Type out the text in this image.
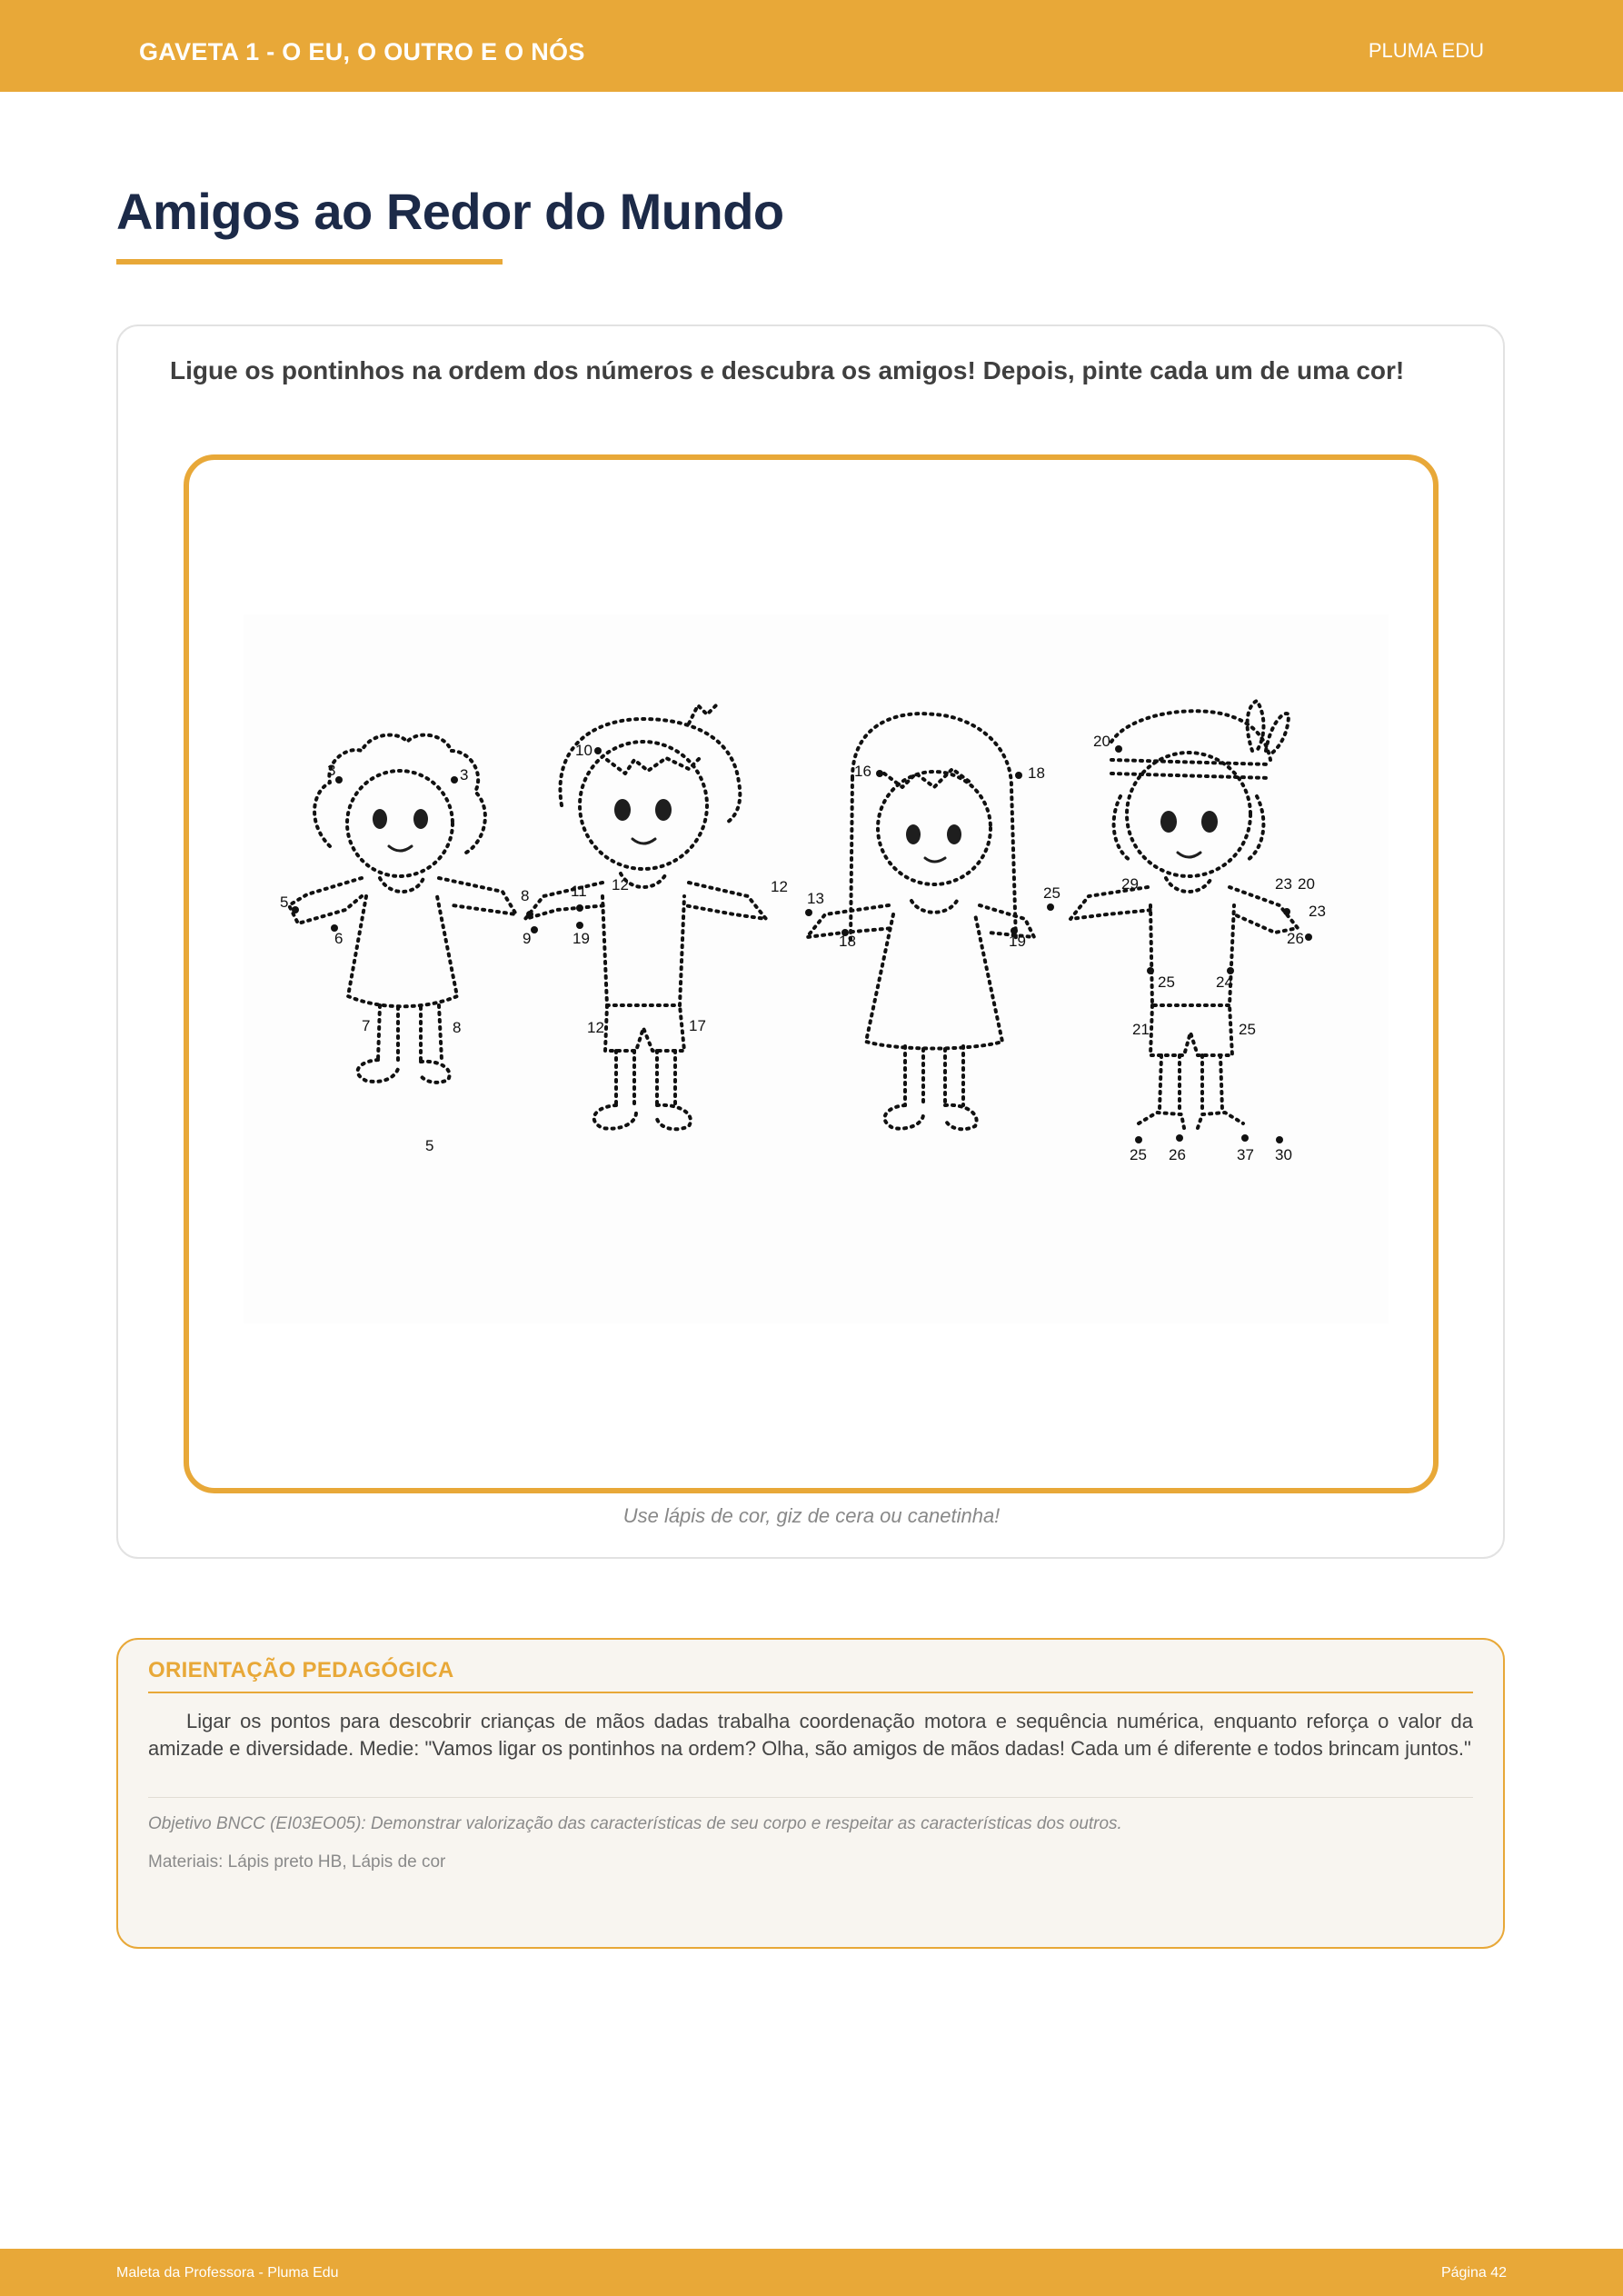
GAVETA 1 - O EU, O OUTRO E O NÓS	PLUMA EDU
Amigos ao Redor do Mundo
Ligue os pontinhos na ordem dos números e descubra os amigos! Depois, pinte cada um de uma cor!
3	3
10
16	18
20
5
6
8
9
11
19
12	12
13
18
25
29	23 20
23
26
19
25	24
7	8	12	17	21	25
5
25 26	37 30
Use lápis de cor, giz de cera ou canetinha!
ORIENTAÇÃO PEDAGÓGICA

Ligar os pontos para descobrir crianças de mãos dadas trabalha coordenação motora e sequência numérica, enquanto reforça o valor da amizade e diversidade. Medie: "Vamos ligar os pontinhos na ordem? Olha, são amigos de mãos dadas! Cada um é diferente e todos brincam juntos."

Objetivo BNCC (EI03EO05): Demonstrar valorização das características de seu corpo e respeitar as características dos outros.
Materiais: Lápis preto HB, Lápis de cor
Maleta da Professora - Pluma Edu	Página 42
